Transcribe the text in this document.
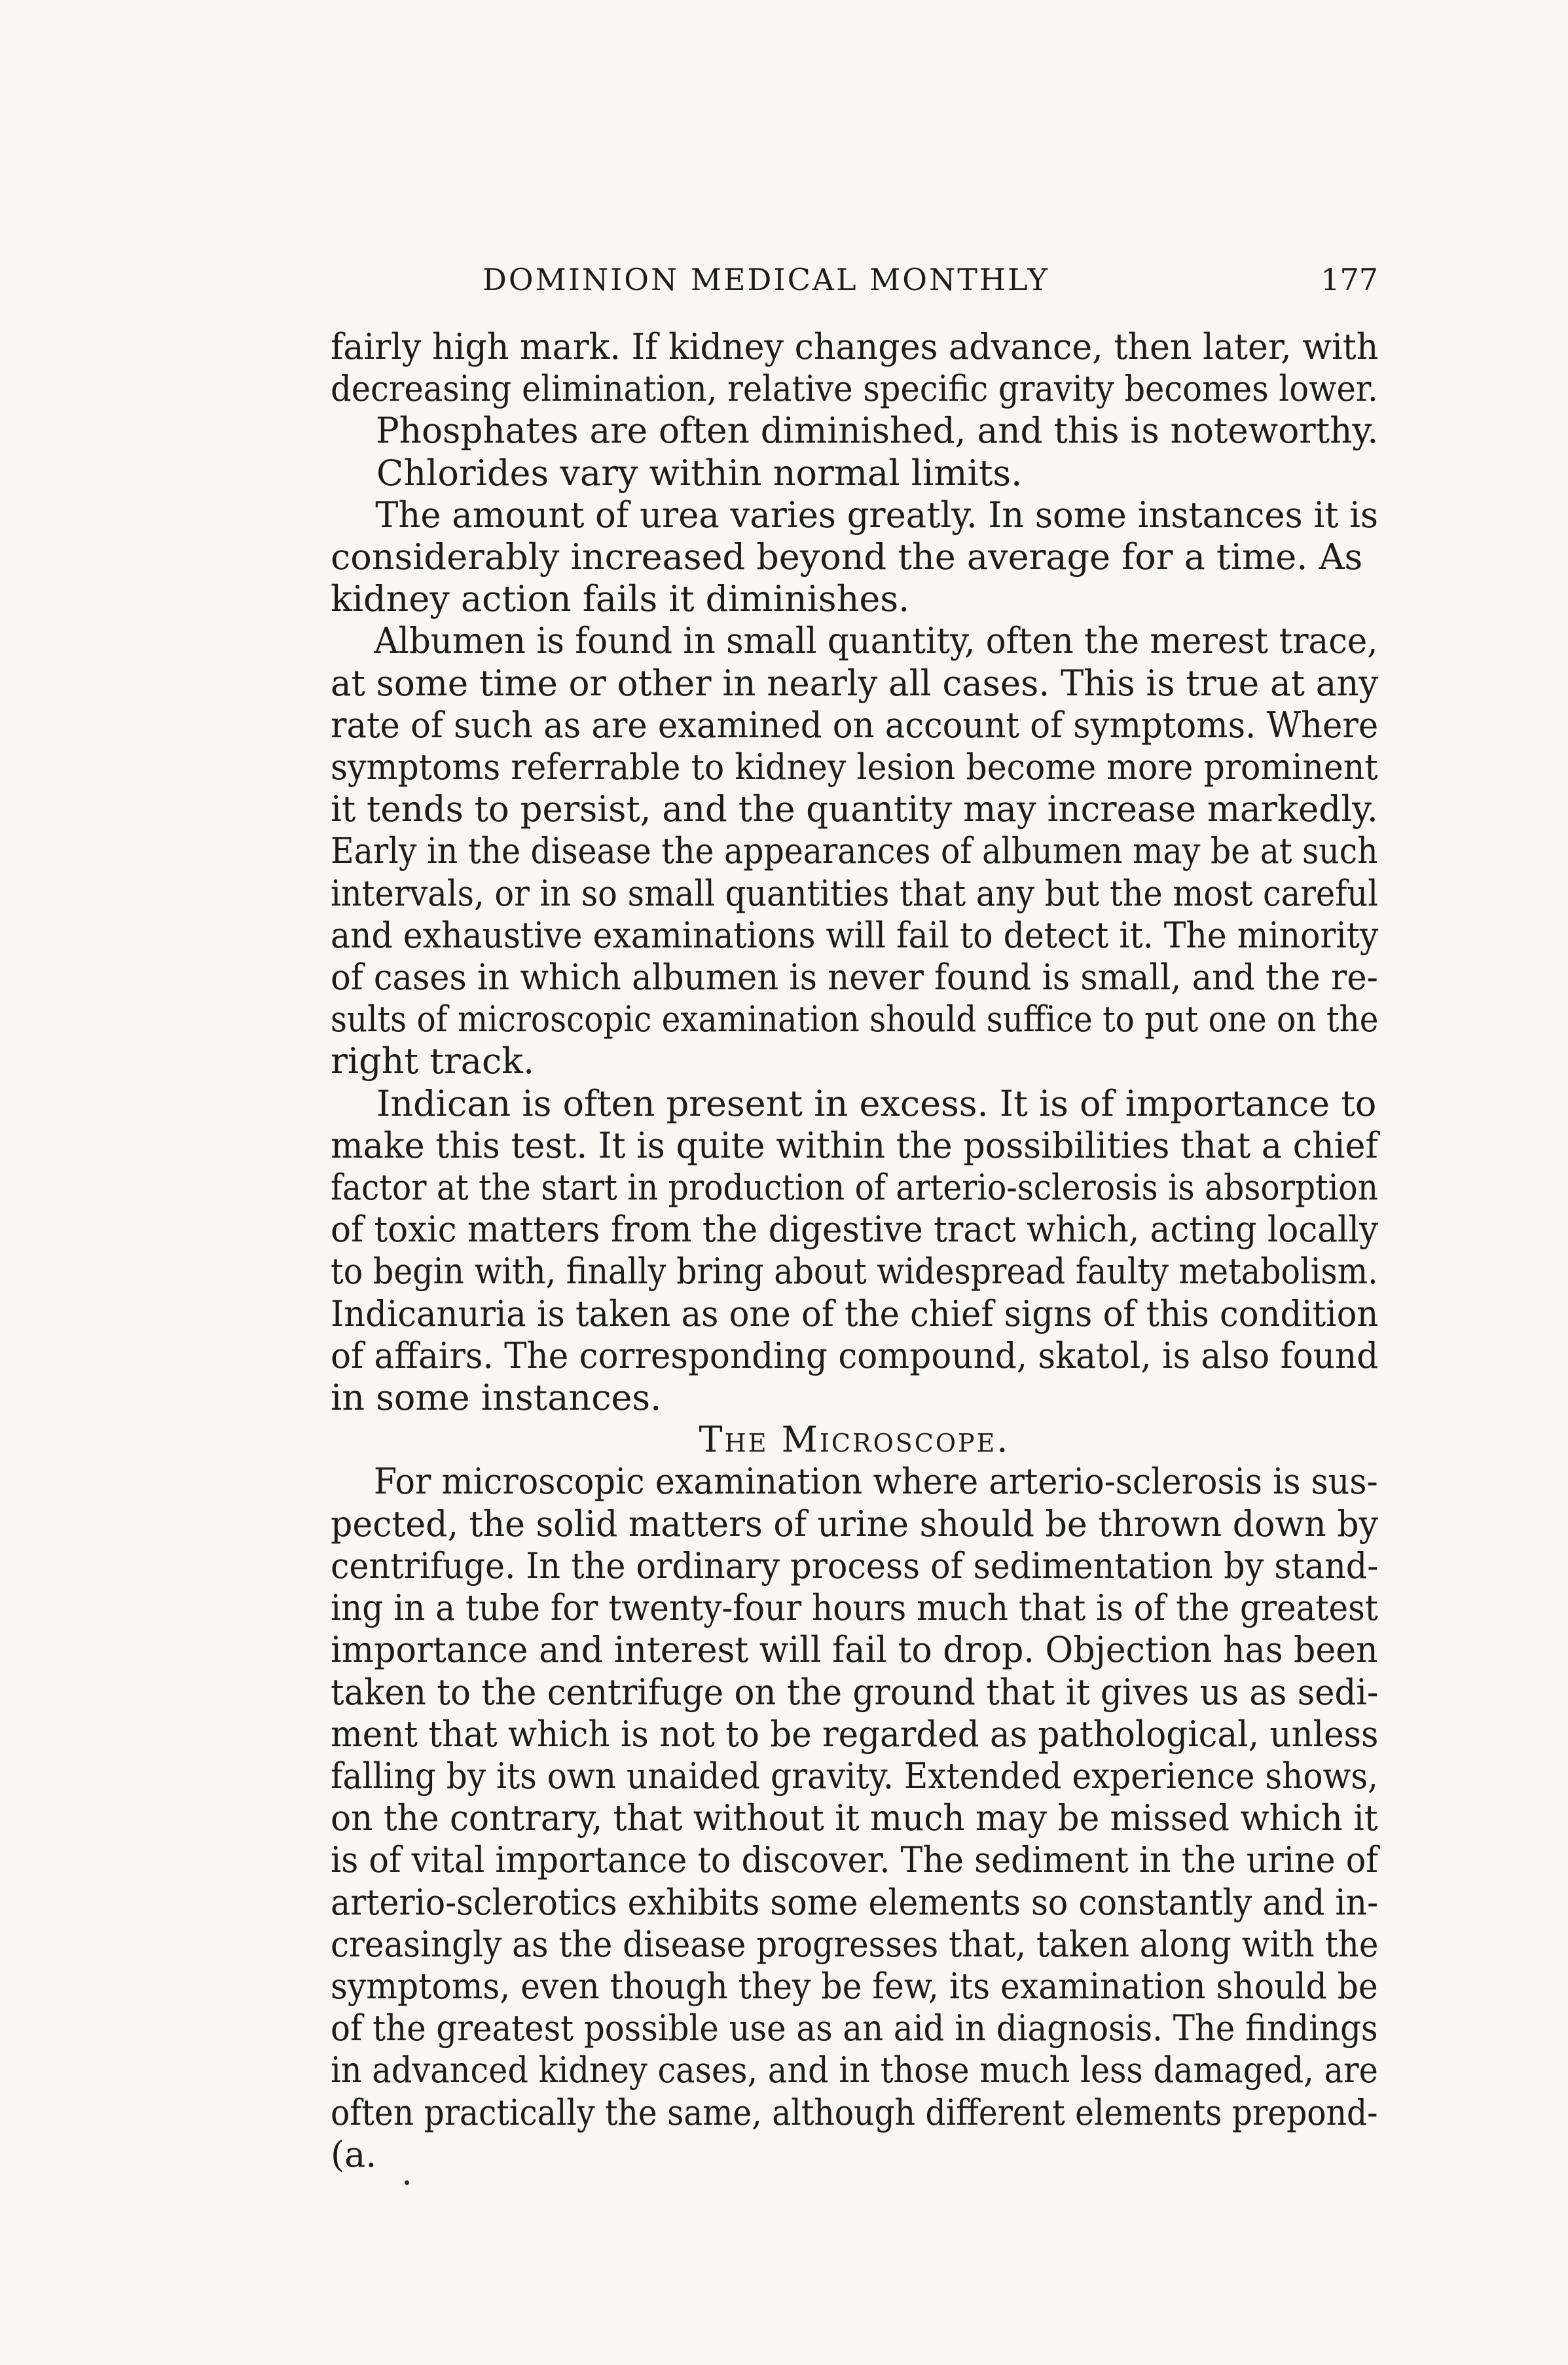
DOMINION MEDICAL MONTHLY	177
fairly high mark. If kidney changes advance, then later, with
decreasing elimination, relative specific gravity becomes lower.
Phosphates are often diminished, and this is noteworthy.
Chlorides vary within normal limits.
The amount of urea varies greatly. In some instances it is
considerably increased beyond the average for a time. As
kidney action fails it diminishes.
Albumen is found in small quantity, often the merest trace,
at some time or other in nearly all cases. This is true at any
rate of such as are examined on account of symptoms. Where
symptoms referrable to kidney lesion become more prominent
it tends to persist, and the quantity may increase markedly.
Early in the disease the appearances of albumen may be at such
intervals, or in so small quantities that any but the most careful
and exhaustive examinations will fail to detect it. The minority
of cases in which albumen is never found is small, and the re-
sults of microscopic examination should suffice to put one on the
right track.
Indican is often present in excess. It is of importance to
make this test. It is quite within the possibilities that a chief
factor at the start in production of arterio-sclerosis is absorption
of toxic matters from the digestive tract which, acting locally
to begin with, finally bring about widespread faulty metabolism.
Indicanuria is taken as one of the chief signs of this condition
of affairs. The corresponding compound, skatol, is also found
in some instances.
The Microscope.
For microscopic examination where arterio-sclerosis is sus-
pected, the solid matters of urine should be thrown down by
centrifuge. In the ordinary process of sedimentation by stand-
ing in a tube for twenty-four hours much that is of the greatest
importance and interest will fail to drop. Objection has been
taken to the centrifuge on the ground that it gives us as sedi-
ment that which is not to be regarded as pathological, unless
falling by its own unaided gravity. Extended experience shows,
on the contrary, that without it much may be missed which it
is of vital importance to discover. The sediment in the urine of
arterio-sclerotics exhibits some elements so constantly and in-
creasingly as the disease progresses that, taken along with the
symptoms, even though they be few, its examination should be
of the greatest possible use as an aid in diagnosis. The findings
in advanced kidney cases, and in those much less damaged, are
often practically the same, although different elements prepond-
(a.
